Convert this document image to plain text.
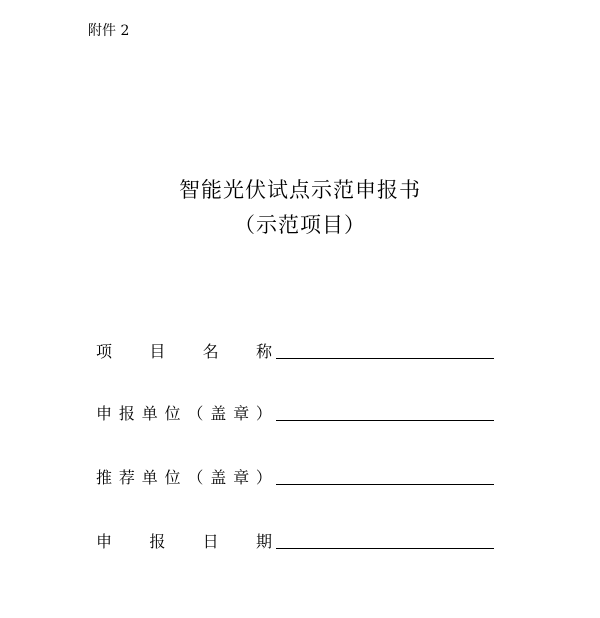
附件 2
智能光伏试点示范申报书
（示范项目）
项 目 名 称
申 报 单 位 （ 盖 章 ）
推 荐 单 位 （ 盖 章 ）
申 报 日 期
